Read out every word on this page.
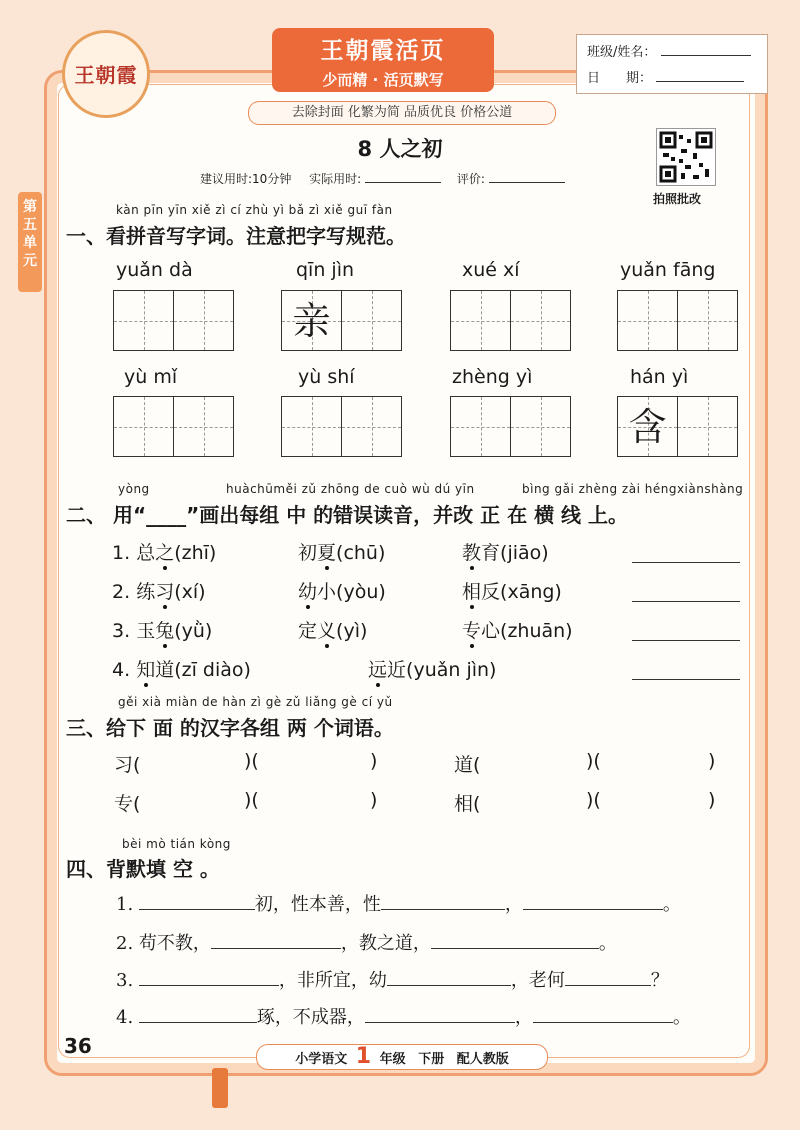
王朝霞
王朝霞活页
少而精 · 活页默写
去除封面 化繁为简 品质优良 价格公道
班级/姓名：
日　　期：
第五单元
8 人之初
建议用时:10分钟 实际用时:	评价:
拍照批改
kàn pīn yīn xiě zì cí zhù yì bǎ zì xiě guī fàn
一、看拼音写字词。注意把字写规范。
yuǎn dà	qīn jìn	xué xí	yuǎn fāng
亲
yù mǐ	yù shí	zhèng yì	hán yì
含
yòng	huàchūměi zǔ zhōng de cuò wù dú yīn	bìng gǎi zhèng zài héngxiànshàng
二、 用“____”画出每组 中 的错误读音，并改 正 在 横 线 上。
1. 总之(zhī)	初夏(chū)	教育(jiāo)
2. 练习(xí)	幼小(yòu)	相反(xāng)
3. 玉兔(yǜ)	定义(yì)	专心(zhuān)
4. 知道(zī diào)	远近(yuǎn jìn)
gěi xià miàn de hàn zì gè zǔ liǎng gè cí yǔ
三、给下 面 的汉字各组 两 个词语。
习(	)(	)	道(	)(	)
专(	)(	)	相(	)(	)
bèi mò tián kòng
四、背默填 空 。
1.	初，性本善，性	，	。
2. 苟不教，	，教之道，	。
3.	，非所宜，幼	，老何	？
4.	琢，不成器，	，	。
36
小学语文 1 年级 下册 配人教版
